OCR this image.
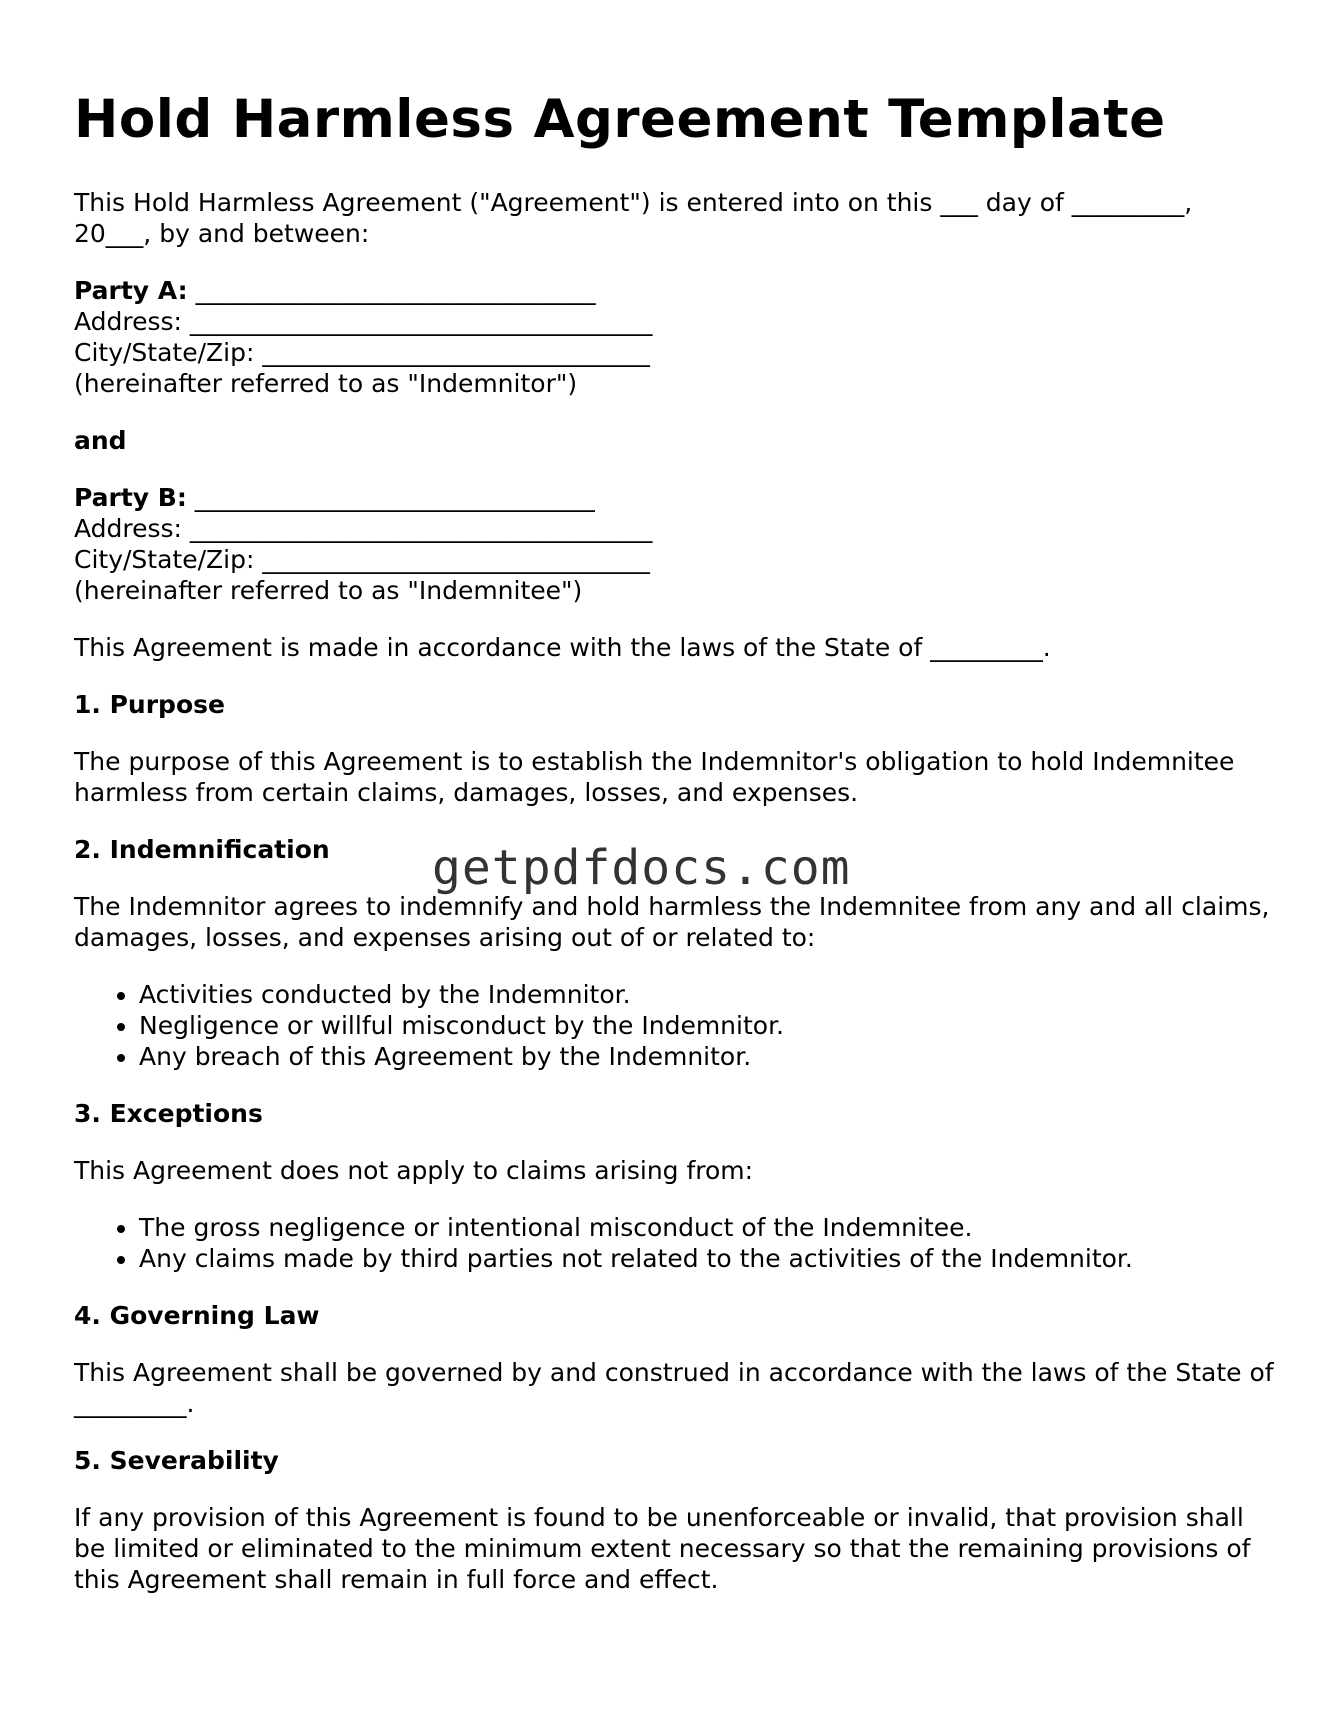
Hold Harmless Agreement Template

This Hold Harmless Agreement ("Agreement") is entered into on this ___ day of _________, 20___, by and between:

Party A: ________________________________
Address: _____________________________________
City/State/Zip: _______________________________
(hereinafter referred to as "Indemnitor")

and

Party B: ________________________________
Address: _____________________________________
City/State/Zip: _______________________________
(hereinafter referred to as "Indemnitee")

This Agreement is made in accordance with the laws of the State of _________.

1. Purpose

The purpose of this Agreement is to establish the Indemnitor's obligation to hold Indemnitee harmless from certain claims, damages, losses, and expenses.

2. Indemnification

The Indemnitor agrees to indemnify and hold harmless the Indemnitee from any and all claims, damages, losses, and expenses arising out of or related to:

• Activities conducted by the Indemnitor.
• Negligence or willful misconduct by the Indemnitor.
• Any breach of this Agreement by the Indemnitor.
3. Exceptions

This Agreement does not apply to claims arising from:

• The gross negligence or intentional misconduct of the Indemnitee.
• Any claims made by third parties not related to the activities of the Indemnitor.
4. Governing Law

This Agreement shall be governed by and construed in accordance with the laws of the State of _________.

5. Severability

If any provision of this Agreement is found to be unenforceable or invalid, that provision shall be limited or eliminated to the minimum extent necessary so that the remaining provisions of this Agreement shall remain in full force and effect.

getpdfdocs.com
